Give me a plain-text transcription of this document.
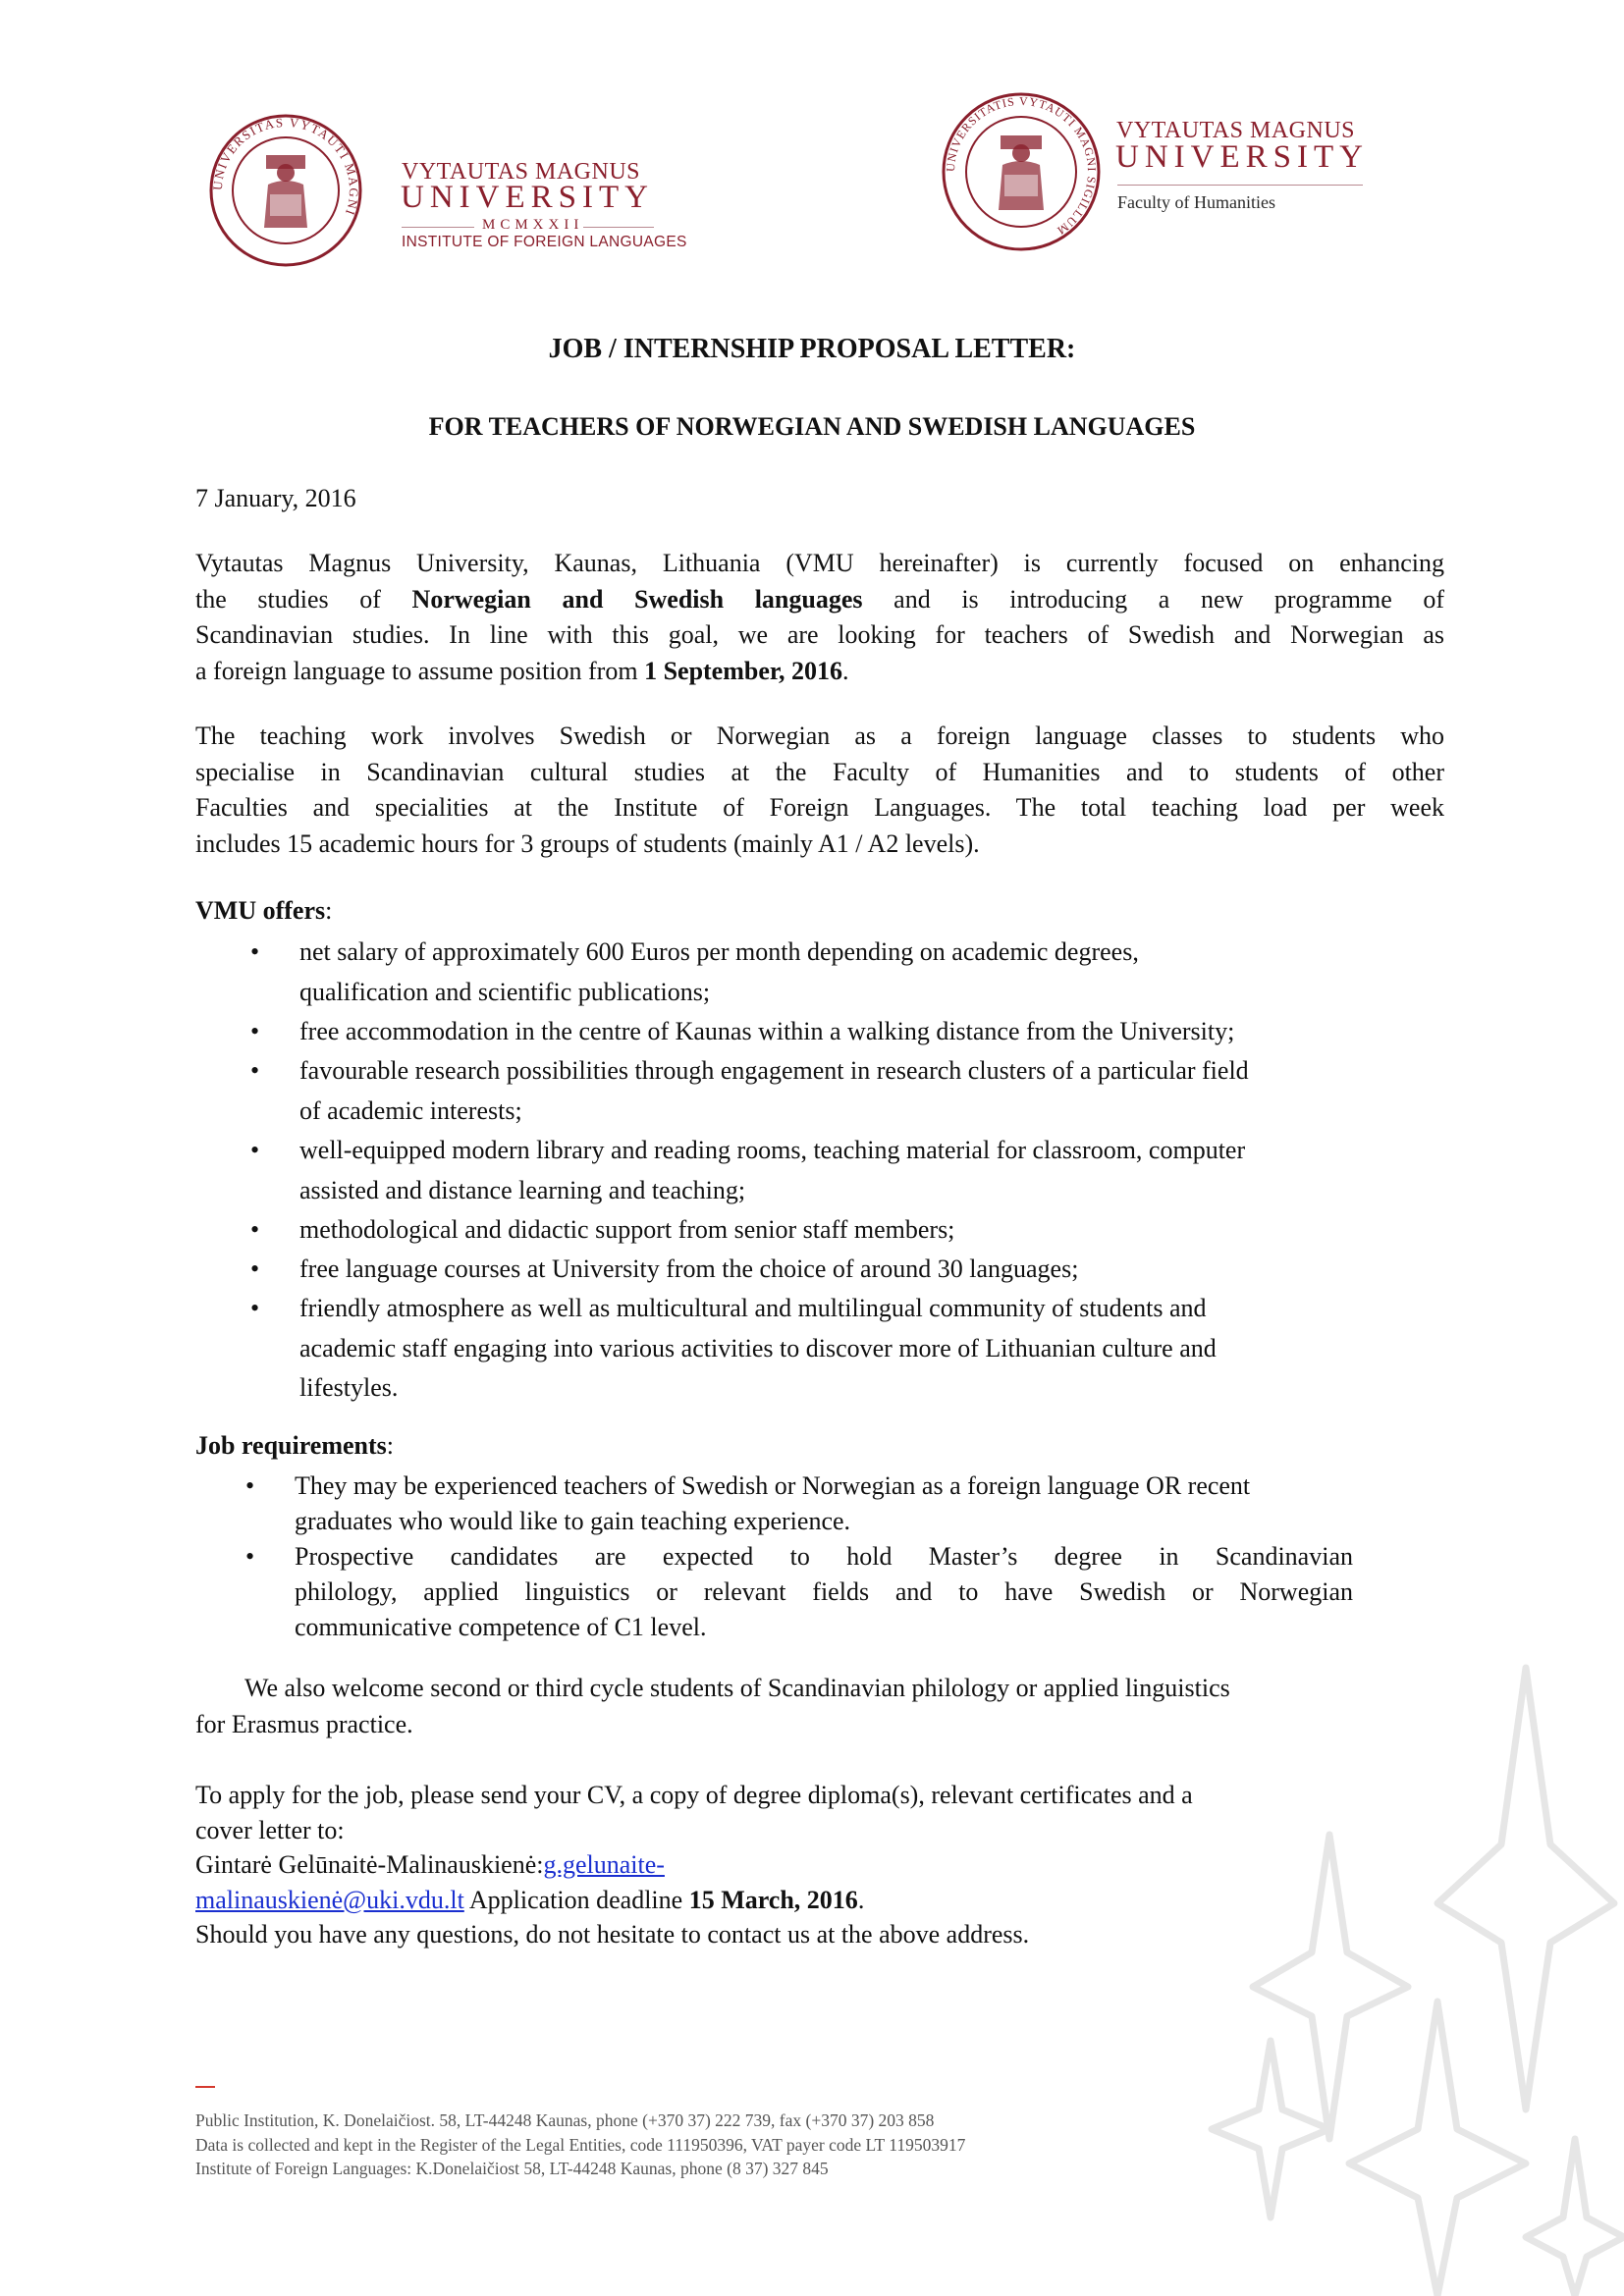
UNIVERSITAS VYTAUTI MAGNI
VYTAUTAS MAGNUS
UNIVERSITY
MCMXXII
INSTITUTE OF FOREIGN LANGUAGES
UNIVERSITATIS VYTAUTI MAGNI SIGILLUM
VYTAUTAS MAGNUS
UNIVERSITY
Faculty of Humanities
JOB / INTERNSHIP PROPOSAL LETTER:
FOR TEACHERS OF NORWEGIAN AND SWEDISH LANGUAGES
7 January, 2016
Vytautas Magnus University, Kaunas, Lithuania (VMU hereinafter) is currently focused on enhancing
the studies of Norwegian and Swedish languages and is introducing a new programme of
Scandinavian studies. In line with this goal, we are looking for teachers of Swedish and Norwegian as
a foreign language to assume position from 1 September, 2016.
The teaching work involves Swedish or Norwegian as a foreign language classes to students who
specialise in Scandinavian cultural studies at the Faculty of Humanities and to students of other
Faculties and specialities at the Institute of Foreign Languages. The total teaching load per week
includes 15 academic hours for 3 groups of students (mainly A1 / A2 levels).
VMU offers:
• net salary of approximately 600 Euros per month depending on academic degrees,
qualification and scientific publications;
• free accommodation in the centre of Kaunas within a walking distance from the University;
• favourable research possibilities through engagement in research clusters of a particular field
of academic interests;
• well-equipped modern library and reading rooms, teaching material for classroom, computer
assisted and distance learning and teaching;
• methodological and didactic support from senior staff members;
• free language courses at University from the choice of around 30 languages;
• friendly atmosphere as well as multicultural and multilingual community of students and
academic staff engaging into various activities to discover more of Lithuanian culture and
lifestyles.
Job requirements:
• They may be experienced teachers of Swedish or Norwegian as a foreign language OR recent
graduates who would like to gain teaching experience.
• Prospective candidates are expected to hold Master’s degree in Scandinavian
philology, applied linguistics or relevant fields and to have Swedish or Norwegian
communicative competence of C1 level.
We also welcome second or third cycle students of Scandinavian philology or applied linguistics
for Erasmus practice.
To apply for the job, please send your CV, a copy of degree diploma(s), relevant certificates and a
cover letter to:
Gintarė Gelūnaitė-Malinauskienė:g.gelunaite-
malinauskienė@uki.vdu.lt Application deadline 15 March, 2016.
Should you have any questions, do not hesitate to contact us at the above address.
Public Institution, K. Donelaičiost. 58, LT-44248 Kaunas, phone (+370 37) 222 739, fax (+370 37) 203 858
Data is collected and kept in the Register of the Legal Entities, code 111950396, VAT payer code LT 119503917
Institute of Foreign Languages: K.Donelaičiost 58, LT-44248 Kaunas, phone (8 37) 327 845
